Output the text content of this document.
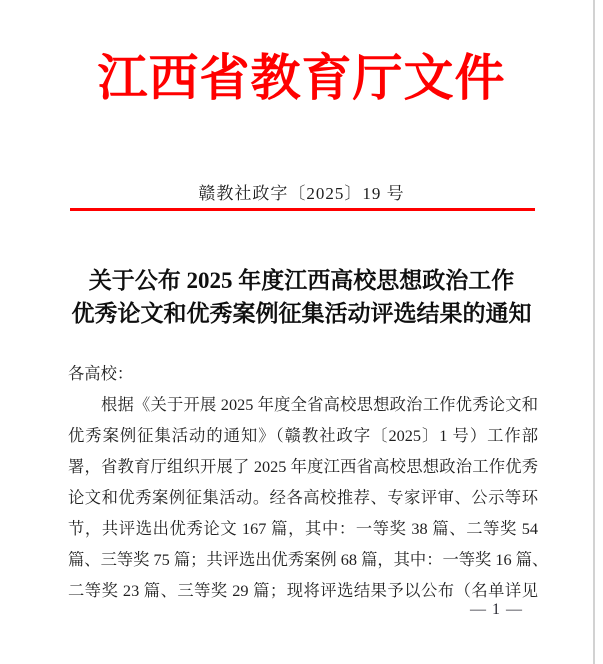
江西省教育厅文件
赣教社政字〔2025〕19 号
关于公布 2025 年度江西高校思想政治工作
优秀论文和优秀案例征集活动评选结果的通知
各高校：
根据《关于开展 2025 年度全省高校思想政治工作优秀论文和
优秀案例征集活动的通知》（赣教社政字〔2025〕1 号）工作部
署，省教育厅组织开展了 2025 年度江西省高校思想政治工作优秀
论文和优秀案例征集活动。经各高校推荐、专家评审、公示等环
节，共评选出优秀论文 167 篇，其中：一等奖 38 篇、二等奖 54
篇、三等奖 75 篇；共评选出优秀案例 68 篇，其中：一等奖 16 篇、
二等奖 23 篇、三等奖 29 篇；现将评选结果予以公布（名单详见
— 1 —
